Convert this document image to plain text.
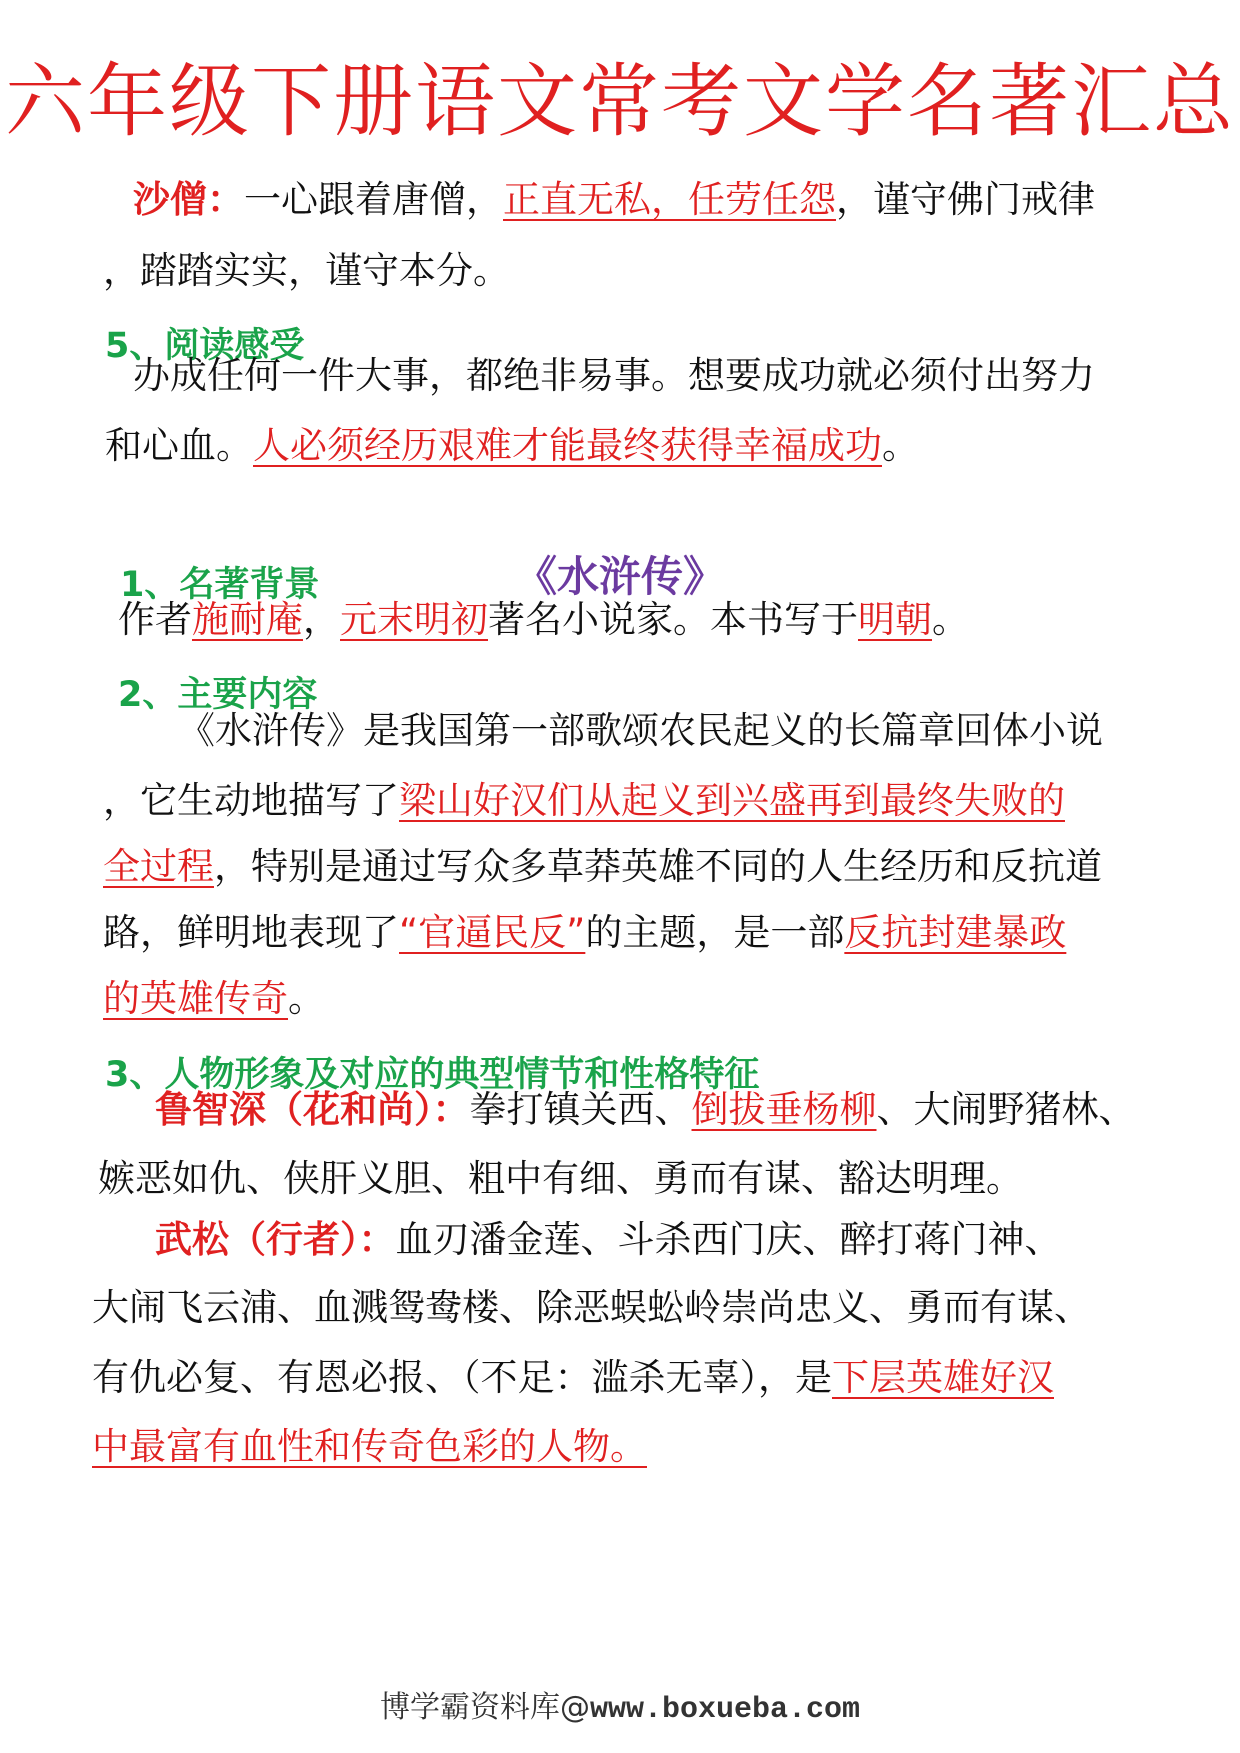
六年级下册语文常考文学名著汇总
沙僧：一心跟着唐僧，正直无私，任劳任怨，谨守佛门戒律
，踏踏实实，谨守本分。
5、阅读感受
办成任何一件大事，都绝非易事。想要成功就必须付出努力
和心血。人必须经历艰难才能最终获得幸福成功。
《水浒传》
1、名著背景
作者施耐庵，元末明初著名小说家。本书写于明朝。
2、主要内容
《水浒传》是我国第一部歌颂农民起义的长篇章回体小说
，它生动地描写了梁山好汉们从起义到兴盛再到最终失败的
全过程，特别是通过写众多草莽英雄不同的人生经历和反抗道
路，鲜明地表现了“官逼民反”的主题，是一部反抗封建暴政
的英雄传奇。
3、人物形象及对应的典型情节和性格特征
鲁智深（花和尚）：拳打镇关西、倒拔垂杨柳、大闹野猪林、
嫉恶如仇、侠肝义胆、粗中有细、勇而有谋、豁达明理。
武松（行者）：血刃潘金莲、斗杀西门庆、醉打蒋门神、
大闹飞云浦、血溅鸳鸯楼、除恶蜈蚣岭崇尚忠义、勇而有谋、
有仇必复、有恩必报、（不足：滥杀无辜），是下层英雄好汉
中最富有血性和传奇色彩的人物。
博学霸资料库@www.boxueba.com
